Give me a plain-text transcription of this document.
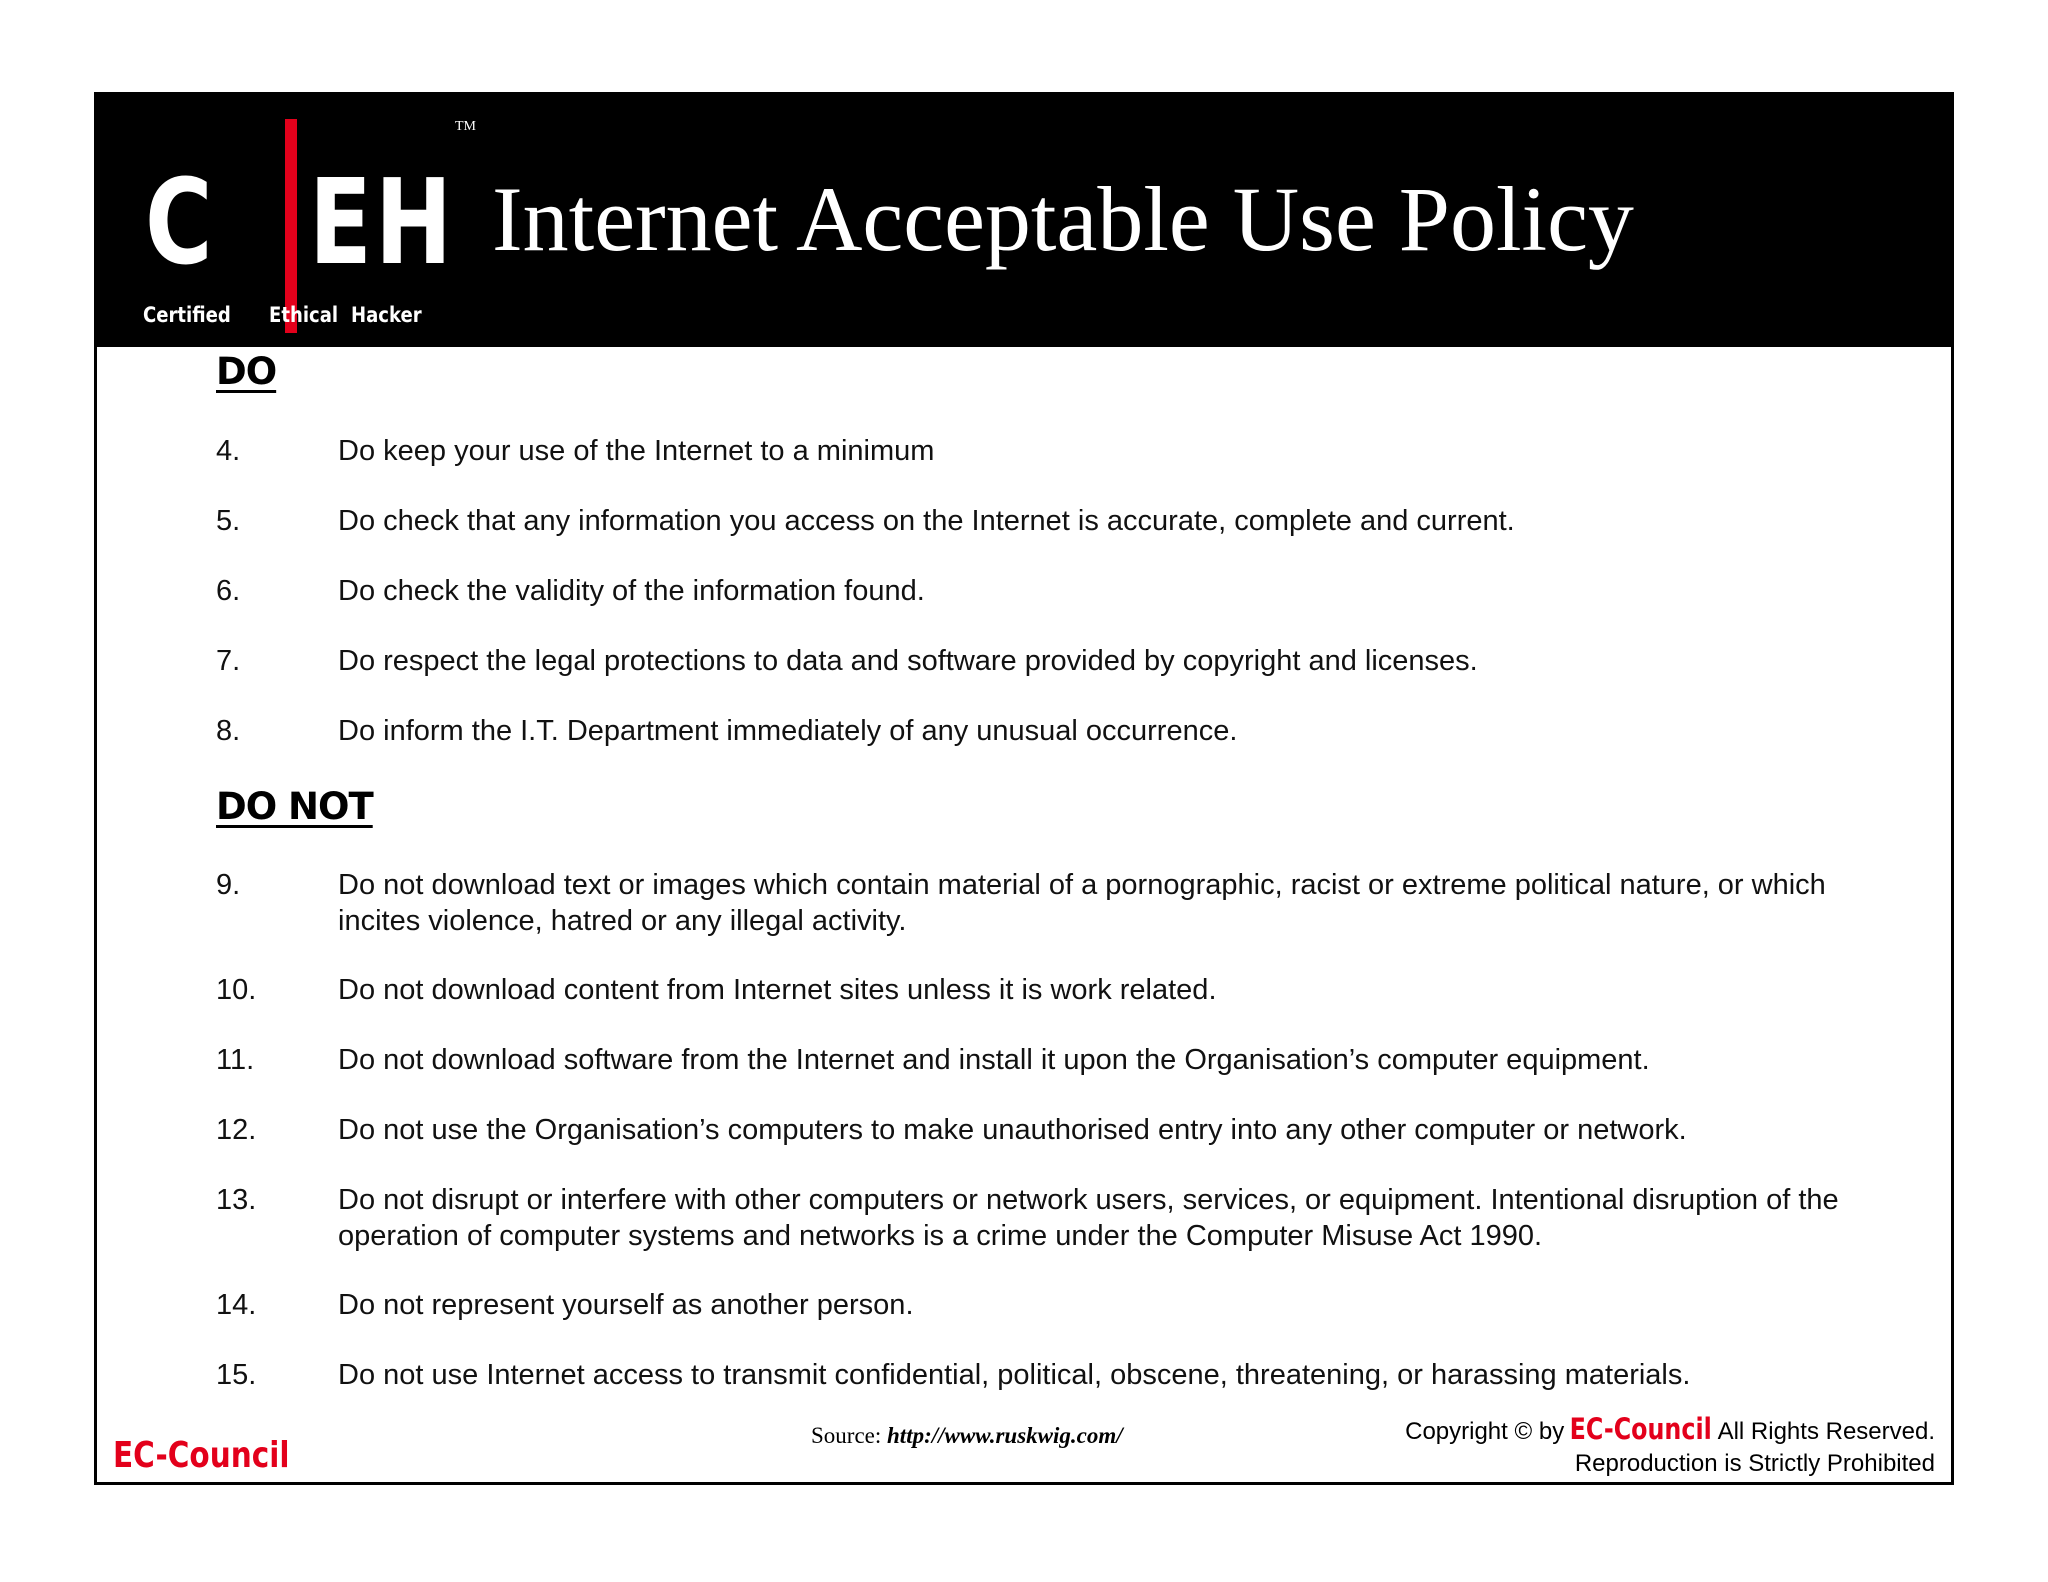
TM
C E H
Certified Ethical Hacker
Internet Acceptable Use Policy
DO
4.	Do keep your use of the Internet to a minimum
5.	Do check that any information you access on the Internet is accurate, complete and current.
6.	Do check the validity of the information found.
7.	Do respect the legal protections to data and software provided by copyright and licenses.
8.	Do inform the I.T. Department immediately of any unusual occurrence.
DO NOT
9.	Do not download text or images which contain material of a pornographic, racist or extreme political nature, or which incites violence, hatred or any illegal activity.
10.	Do not download content from Internet sites unless it is work related.
11.	Do not download software from the Internet and install it upon the Organisation’s computer equipment.
12.	Do not use the Organisation’s computers to make unauthorised entry into any other computer or network.
13.	Do not disrupt or interfere with other computers or network users, services, or equipment. Intentional disruption of the operation of computer systems and networks is a crime under the Computer Misuse Act 1990.
14.	Do not represent yourself as another person.
15.	Do not use Internet access to transmit confidential, political, obscene, threatening, or harassing materials.
EC-Council	Source: http://www.ruskwig.com/	Copyright © by EC-Council All Rights Reserved.
Reproduction is Strictly Prohibited
